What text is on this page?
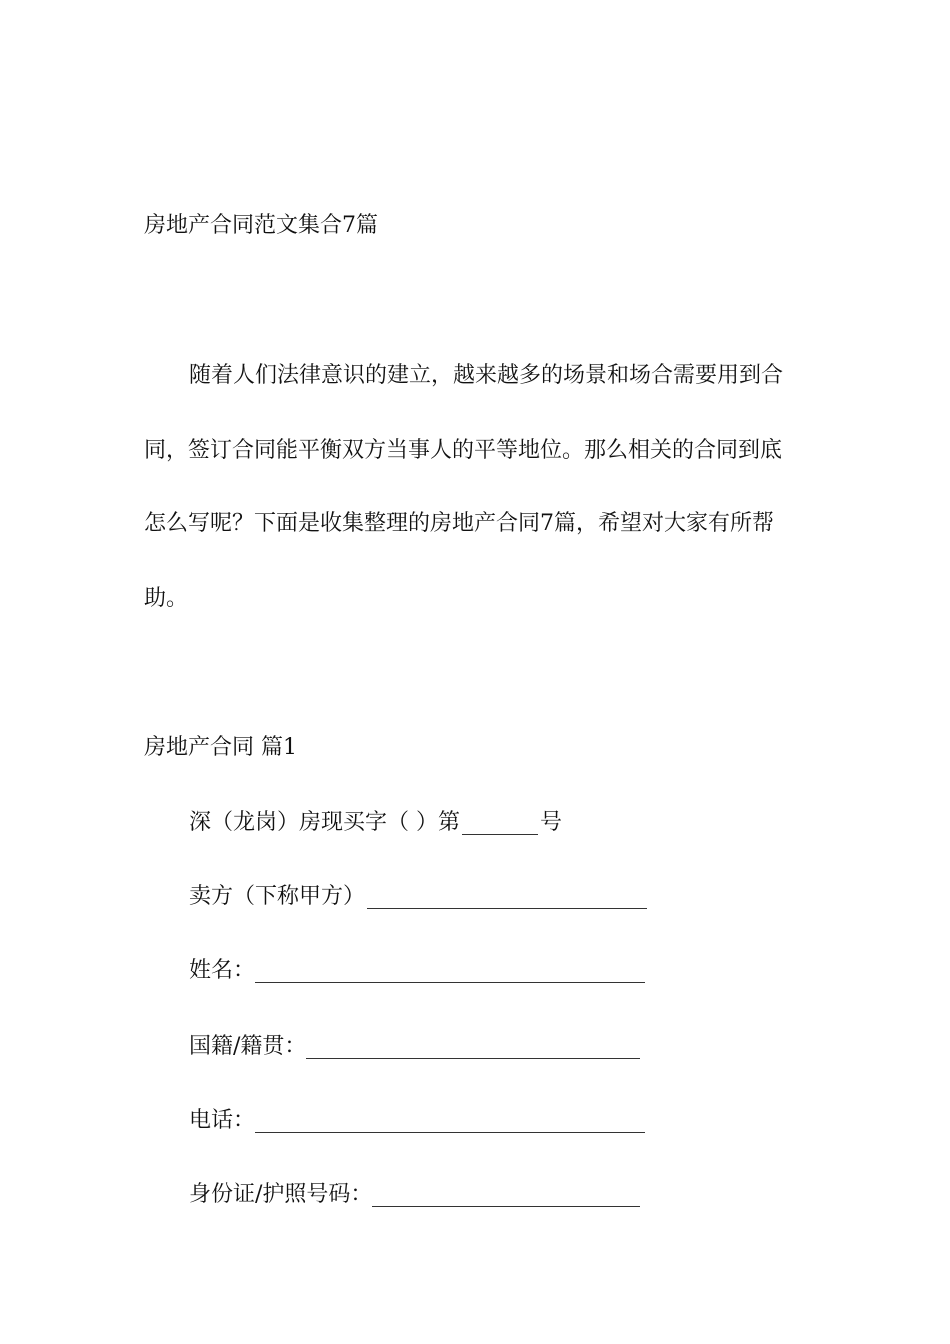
房地产合同范文集合7篇
随着人们法律意识的建立，越来越多的场景和场合需要用到合
同，签订合同能平衡双方当事人的平等地位。那么相关的合同到底
怎么写呢？下面是收集整理的房地产合同7篇，希望对大家有所帮
助。
房地产合同 篇1
深（龙岗）房现买字（ ）第	号
卖方（下称甲方）
姓名：
国籍/籍贯：
电话：
身份证/护照号码：
